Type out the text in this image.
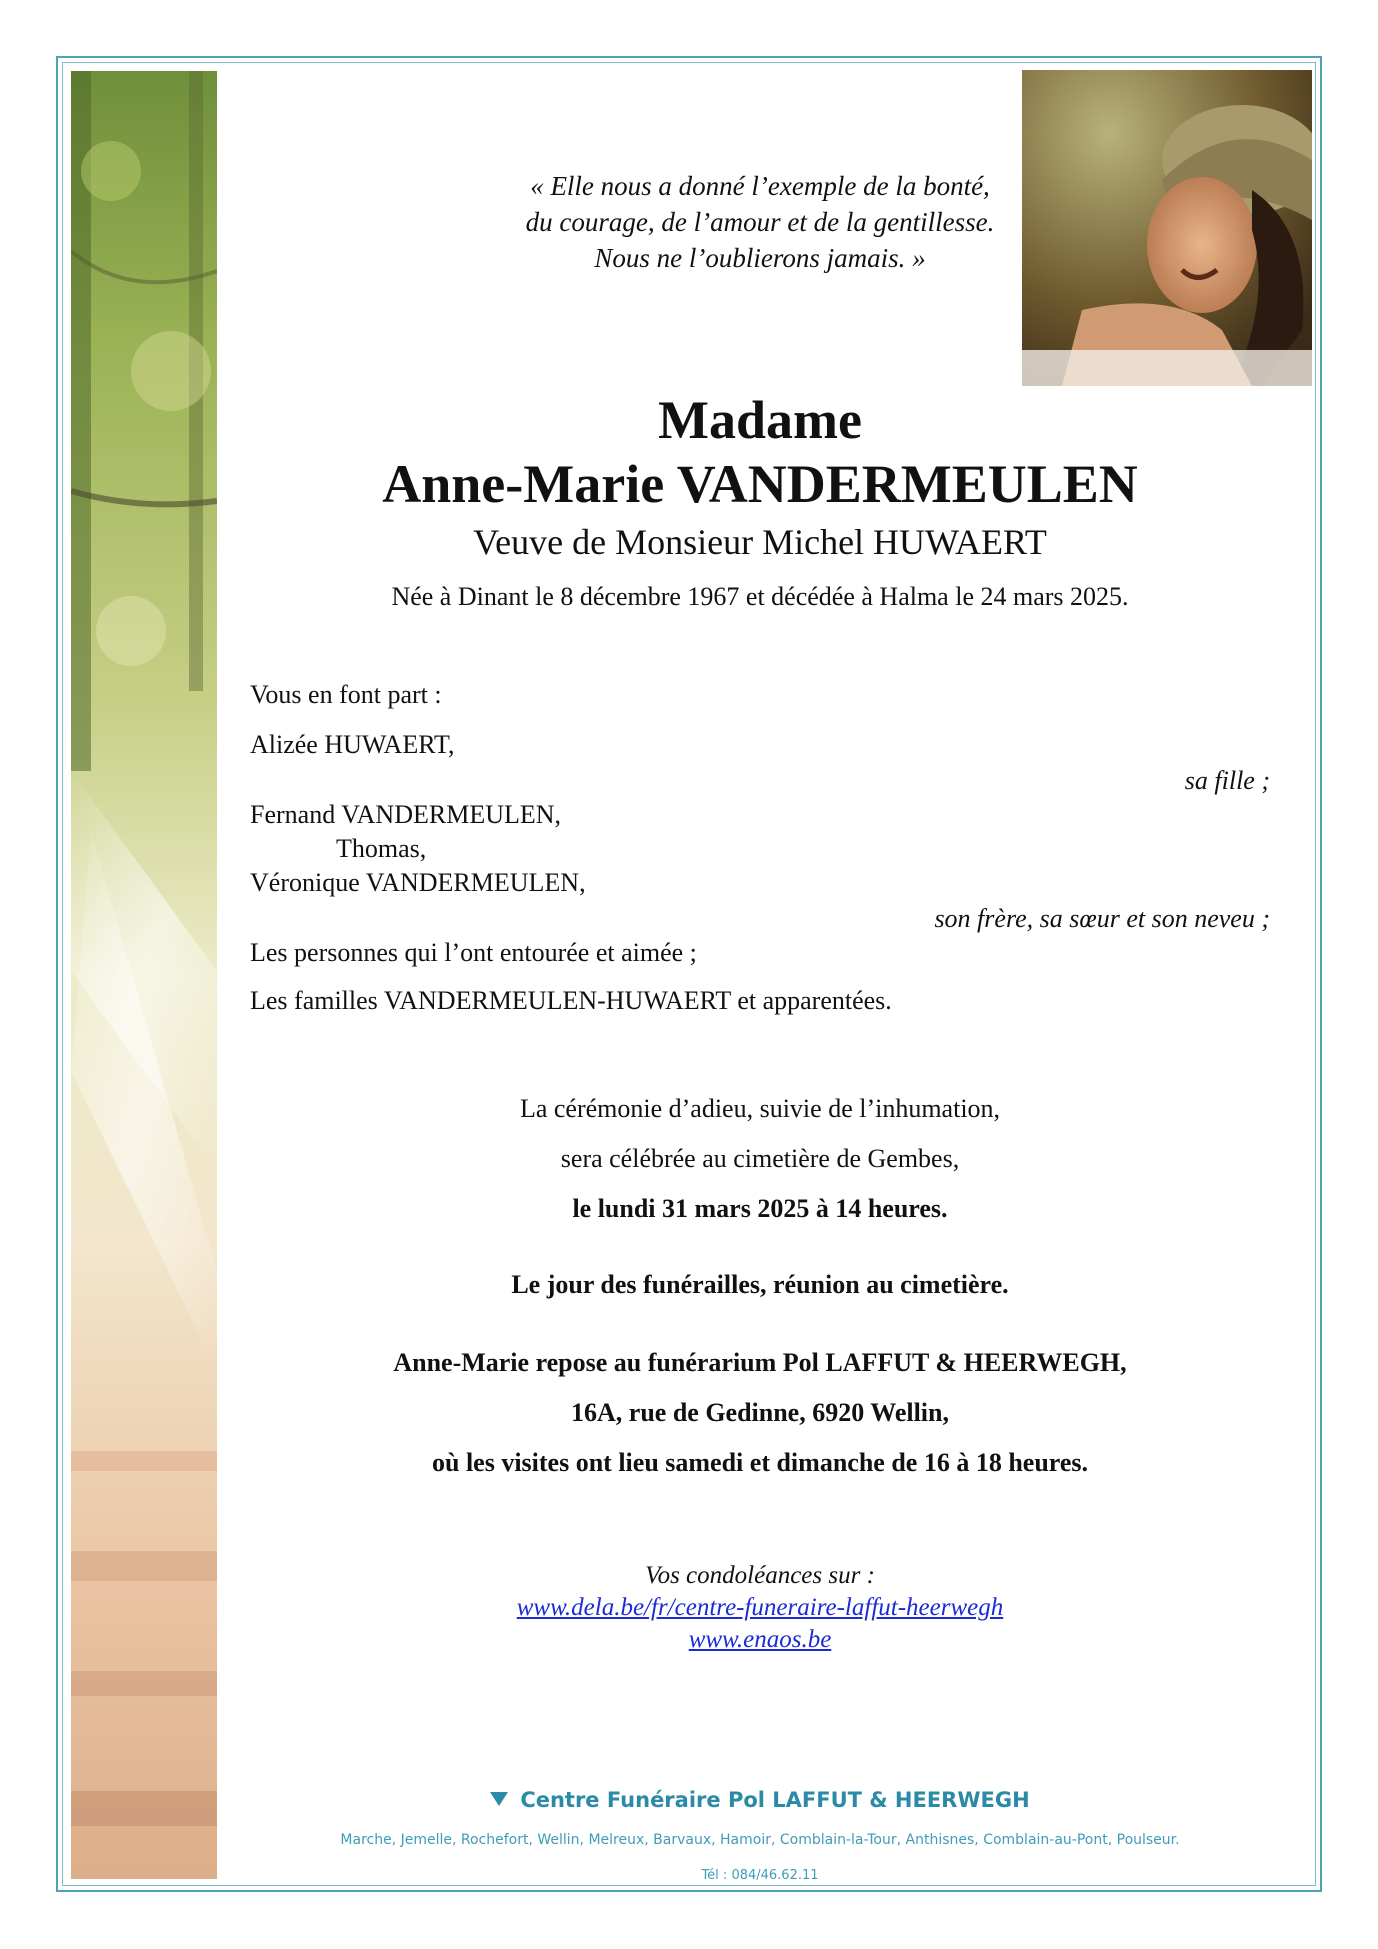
« Elle nous a donné l’exemple de la bonté,
du courage, de l’amour et de la gentillesse.
Nous ne l’oublierons jamais. »
Madame
Anne-Marie VANDERMEULEN
Veuve de Monsieur Michel HUWAERT
Née à Dinant le 8 décembre 1967 et décédée à Halma le 24 mars 2025.
Vous en font part :
Alizée HUWAERT,
sa fille ;
Fernand VANDERMEULEN,
Thomas,
Véronique VANDERMEULEN,
son frère, sa sœur et son neveu ;
Les personnes qui l’ont entourée et aimée ;
Les familles VANDERMEULEN-HUWAERT et apparentées.
La cérémonie d’adieu, suivie de l’inhumation,
sera célébrée au cimetière de Gembes,
le lundi 31 mars 2025 à 14 heures.
Le jour des funérailles, réunion au cimetière.
Anne-Marie repose au funérarium Pol LAFFUT & HEERWEGH,
16A, rue de Gedinne, 6920 Wellin,
où les visites ont lieu samedi et dimanche de 16 à 18 heures.
Vos condoléances sur :
www.dela.be/fr/centre-funeraire-laffut-heerwegh
www.enaos.be
Centre Funéraire Pol LAFFUT & HEERWEGH
Marche, Jemelle, Rochefort, Wellin, Melreux, Barvaux, Hamoir, Comblain-la-Tour, Anthisnes, Comblain-au-Pont, Poulseur.
Tél : 084/46.62.11
